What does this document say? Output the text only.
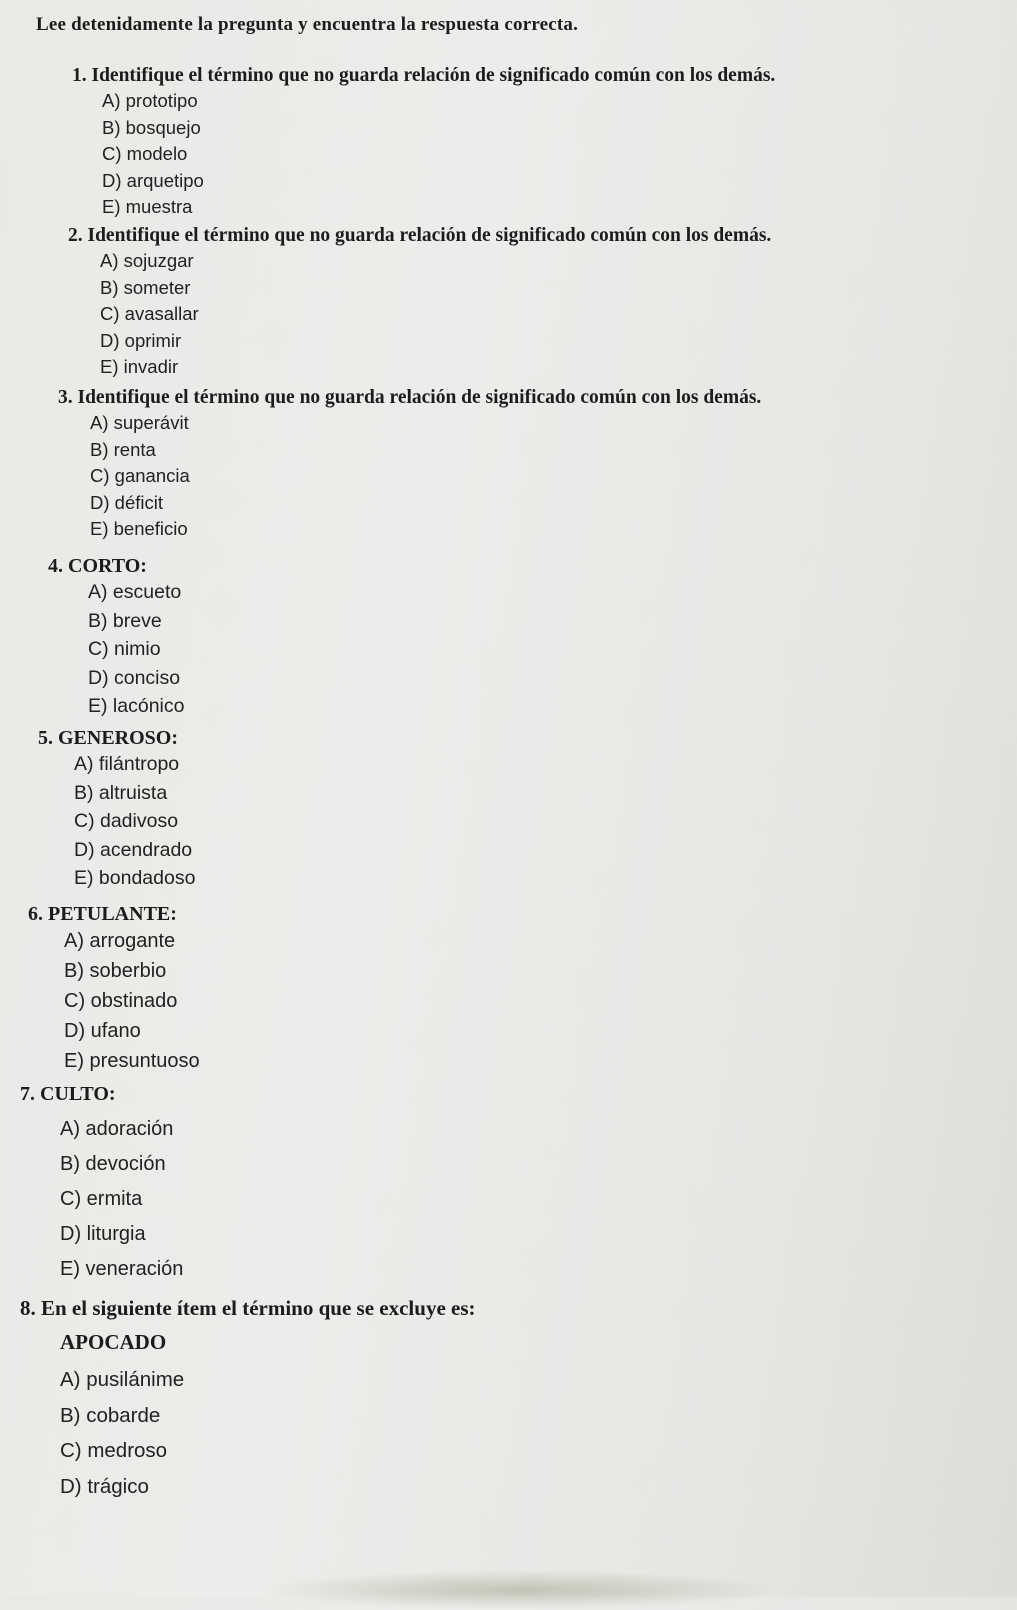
Lee detenidamente la pregunta y encuentra la respuesta correcta.
1. Identifique el término que no guarda relación de significado común con los demás.
A) prototipo
B) bosquejo
C) modelo
D) arquetipo
E) muestra
2. Identifique el término que no guarda relación de significado común con los demás.
A) sojuzgar
B) someter
C) avasallar
D) oprimir
E) invadir
3. Identifique el término que no guarda relación de significado común con los demás.
A) superávit
B) renta
C) ganancia
D) déficit
E) beneficio
4. CORTO:
A) escueto
B) breve
C) nimio
D) conciso
E) lacónico
5. GENEROSO:
A) filántropo
B) altruista
C) dadivoso
D) acendrado
E) bondadoso
6. PETULANTE:
A) arrogante
B) soberbio
C) obstinado
D) ufano
E) presuntuoso
7. CULTO:
A) adoración
B) devoción
C) ermita
D) liturgia
E) veneración
8. En el siguiente ítem el término que se excluye es:
APOCADO
A) pusilánime
B) cobarde
C) medroso
D) trágico
